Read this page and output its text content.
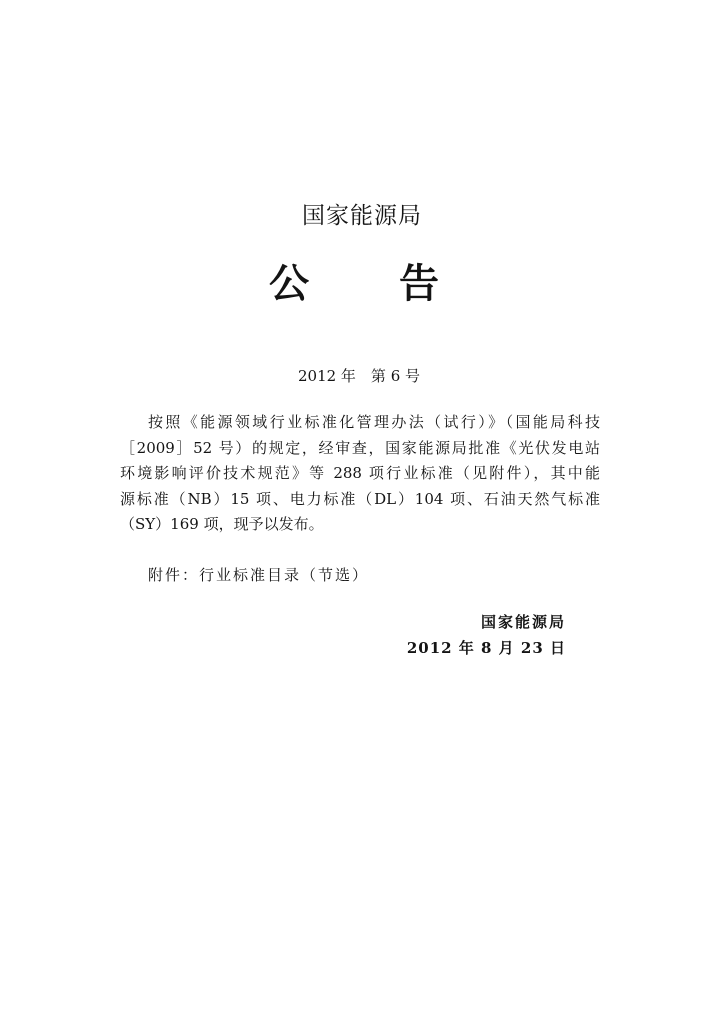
国家能源局
公 告
2012 年　第 6 号
按照《能源领域行业标准化管理办法（试行）》（国能局科技
［2009］52 号）的规定，经审查，国家能源局批准《光伏发电站
环境影响评价技术规范》等 288 项行业标准（见附件），其中能
源标准（NB）15 项、电力标准（DL）104 项、石油天然气标准
（SY）169 项，现予以发布。
附件：行业标准目录（节选）
国家能源局
2012 年 8 月 23 日
